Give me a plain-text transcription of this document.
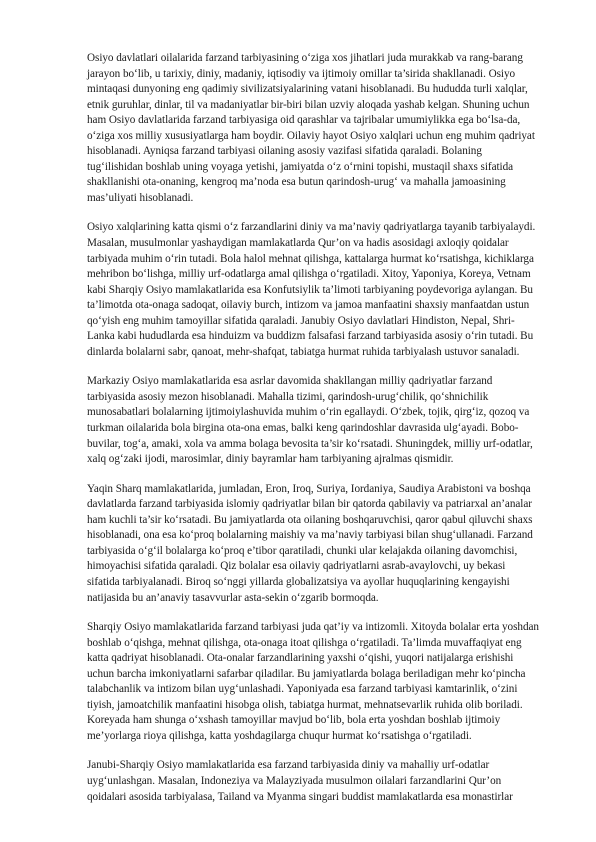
Osiyo davlatlari oilalarida farzand tarbiyasining o‘ziga xos jihatlari juda murakkab va rang-barang jarayon bo‘lib, u tarixiy, diniy, madaniy, iqtisodiy va ijtimoiy omillar ta’sirida shakllanadi. Osiyo mintaqasi dunyoning eng qadimiy sivilizatsiyalarining vatani hisoblanadi. Bu hududda turli xalqlar, etnik guruhlar, dinlar, til va madaniyatlar bir-biri bilan uzviy aloqada yashab kelgan. Shuning uchun ham Osiyo davlatlarida farzand tarbiyasiga oid qarashlar va tajribalar umumiylikka ega bo‘lsa-da, o‘ziga xos milliy xususiyatlarga ham boydir. Oilaviy hayot Osiyo xalqlari uchun eng muhim qadriyat hisoblanadi. Ayniqsa farzand tarbiyasi oilaning asosiy vazifasi sifatida qaraladi. Bolaning tug‘ilishidan boshlab uning voyaga yetishi, jamiyatda o‘z o‘rnini topishi, mustaqil shaxs sifatida shakllanishi ota-onaning, kengroq ma’noda esa butun qarindosh-urug‘ va mahalla jamoasining mas’uliyati hisoblanadi.

Osiyo xalqlarining katta qismi o‘z farzandlarini diniy va ma’naviy qadriyatlarga tayanib tarbiyalaydi. Masalan, musulmonlar yashaydigan mamlakatlarda Qur’on va hadis asosidagi axloqiy qoidalar tarbiyada muhim o‘rin tutadi. Bola halol mehnat qilishga, kattalarga hurmat ko‘rsatishga, kichiklarga mehribon bo‘lishga, milliy urf-odatlarga amal qilishga o‘rgatiladi. Xitoy, Yaponiya, Koreya, Vetnam kabi Sharqiy Osiyo mamlakatlarida esa Konfutsiylik ta’limoti tarbiyaning poydevoriga aylangan. Bu ta’limotda ota-onaga sadoqat, oilaviy burch, intizom va jamoa manfaatini shaxsiy manfaatdan ustun qo‘yish eng muhim tamoyillar sifatida qaraladi. Janubiy Osiyo davlatlari Hindiston, Nepal, Shri-Lanka kabi hududlarda esa hinduizm va buddizm falsafasi farzand tarbiyasida asosiy o‘rin tutadi. Bu dinlarda bolalarni sabr, qanoat, mehr-shafqat, tabiatga hurmat ruhida tarbiyalash ustuvor sanaladi.

Markaziy Osiyo mamlakatlarida esa asrlar davomida shakllangan milliy qadriyatlar farzand tarbiyasida asosiy mezon hisoblanadi. Mahalla tizimi, qarindosh-urug‘chilik, qo‘shnichilik munosabatlari bolalarning ijtimoiylashuvida muhim o‘rin egallaydi. O‘zbek, tojik, qirg‘iz, qozoq va turkman oilalarida bola birgina ota-ona emas, balki keng qarindoshlar davrasida ulg‘ayadi. Bobo-buvilar, tog‘a, amaki, xola va amma bolaga bevosita ta’sir ko‘rsatadi. Shuningdek, milliy urf-odatlar, xalq og‘zaki ijodi, marosimlar, diniy bayramlar ham tarbiyaning ajralmas qismidir.

Yaqin Sharq mamlakatlarida, jumladan, Eron, Iroq, Suriya, Iordaniya, Saudiya Arabistoni va boshqa davlatlarda farzand tarbiyasida islomiy qadriyatlar bilan bir qatorda qabilaviy va patriarxal an’analar ham kuchli ta’sir ko‘rsatadi. Bu jamiyatlarda ota oilaning boshqaruvchisi, qaror qabul qiluvchi shaxs hisoblanadi, ona esa ko‘proq bolalarning maishiy va ma’naviy tarbiyasi bilan shug‘ullanadi. Farzand tarbiyasida o‘g‘il bolalarga ko‘proq e’tibor qaratiladi, chunki ular kelajakda oilaning davomchisi, himoyachisi sifatida qaraladi. Qiz bolalar esa oilaviy qadriyatlarni asrab-avaylovchi, uy bekasi sifatida tarbiyalanadi. Biroq so‘nggi yillarda globalizatsiya va ayollar huquqlarining kengayishi natijasida bu an’anaviy tasavvurlar asta-sekin o‘zgarib bormoqda.

Sharqiy Osiyo mamlakatlarida farzand tarbiyasi juda qat’iy va intizomli. Xitoyda bolalar erta yoshdan boshlab o‘qishga, mehnat qilishga, ota-onaga itoat qilishga o‘rgatiladi. Ta’limda muvaffaqiyat eng katta qadriyat hisoblanadi. Ota-onalar farzandlarining yaxshi o‘qishi, yuqori natijalarga erishishi uchun barcha imkoniyatlarni safarbar qiladilar. Bu jamiyatlarda bolaga beriladigan mehr ko‘pincha talabchanlik va intizom bilan uyg‘unlashadi. Yaponiyada esa farzand tarbiyasi kamtarinlik, o‘zini tiyish, jamoatchilik manfaatini hisobga olish, tabiatga hurmat, mehnatsevarlik ruhida olib boriladi. Koreyada ham shunga o‘xshash tamoyillar mavjud bo‘lib, bola erta yoshdan boshlab ijtimoiy me’yorlarga rioya qilishga, katta yoshdagilarga chuqur hurmat ko‘rsatishga o‘rgatiladi.

Janubi-Sharqiy Osiyo mamlakatlarida esa farzand tarbiyasida diniy va mahalliy urf-odatlar uyg‘unlashgan. Masalan, Indoneziya va Malayziyada musulmon oilalari farzandlarini Qur’on qoidalari asosida tarbiyalasa, Tailand va Myanma singari buddist mamlakatlarda esa monastirlar
